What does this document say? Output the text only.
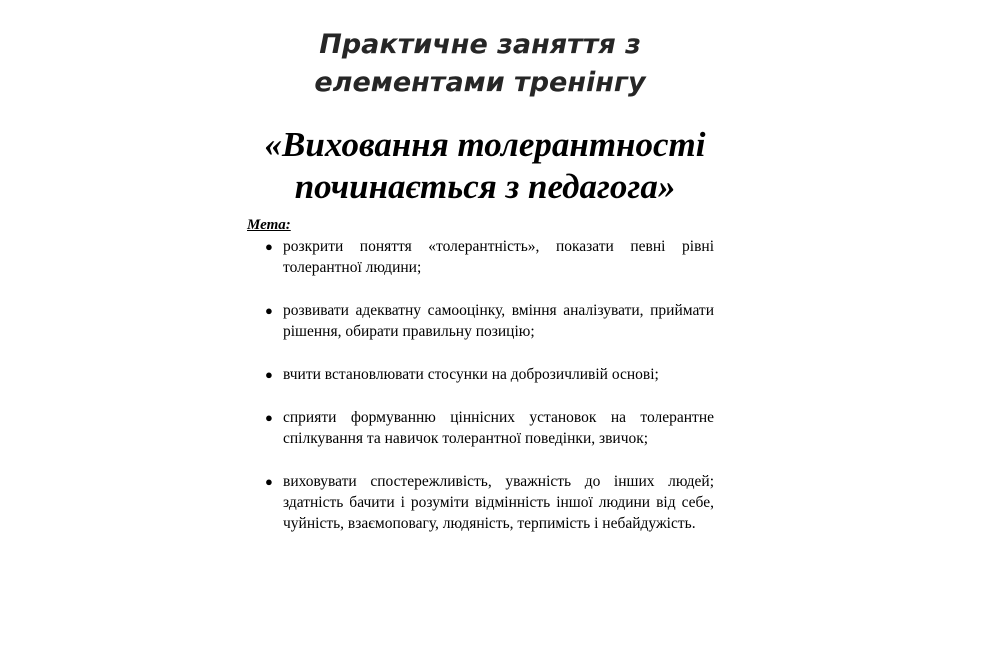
Практичне заняття з
елементами тренінгу
«Виховання толерантності
починається з педагога»
Мета:
● розкрити поняття «толерантність», показати певні рівні толерантної людини;
● розвивати адекватну самооцінку, вміння аналізувати, приймати рішення, обирати правильну позицію;
● вчити встановлювати стосунки на доброзичливій основі;
● сприяти формуванню ціннісних установок на толерантне спілкування та навичок толерантної поведінки, звичок;
● виховувати спостережливість, уважність до інших людей; здатність бачити і розуміти відмінність іншої людини від себе, чуйність, взаємоповагу, людяність, терпимість і небайдужість.
